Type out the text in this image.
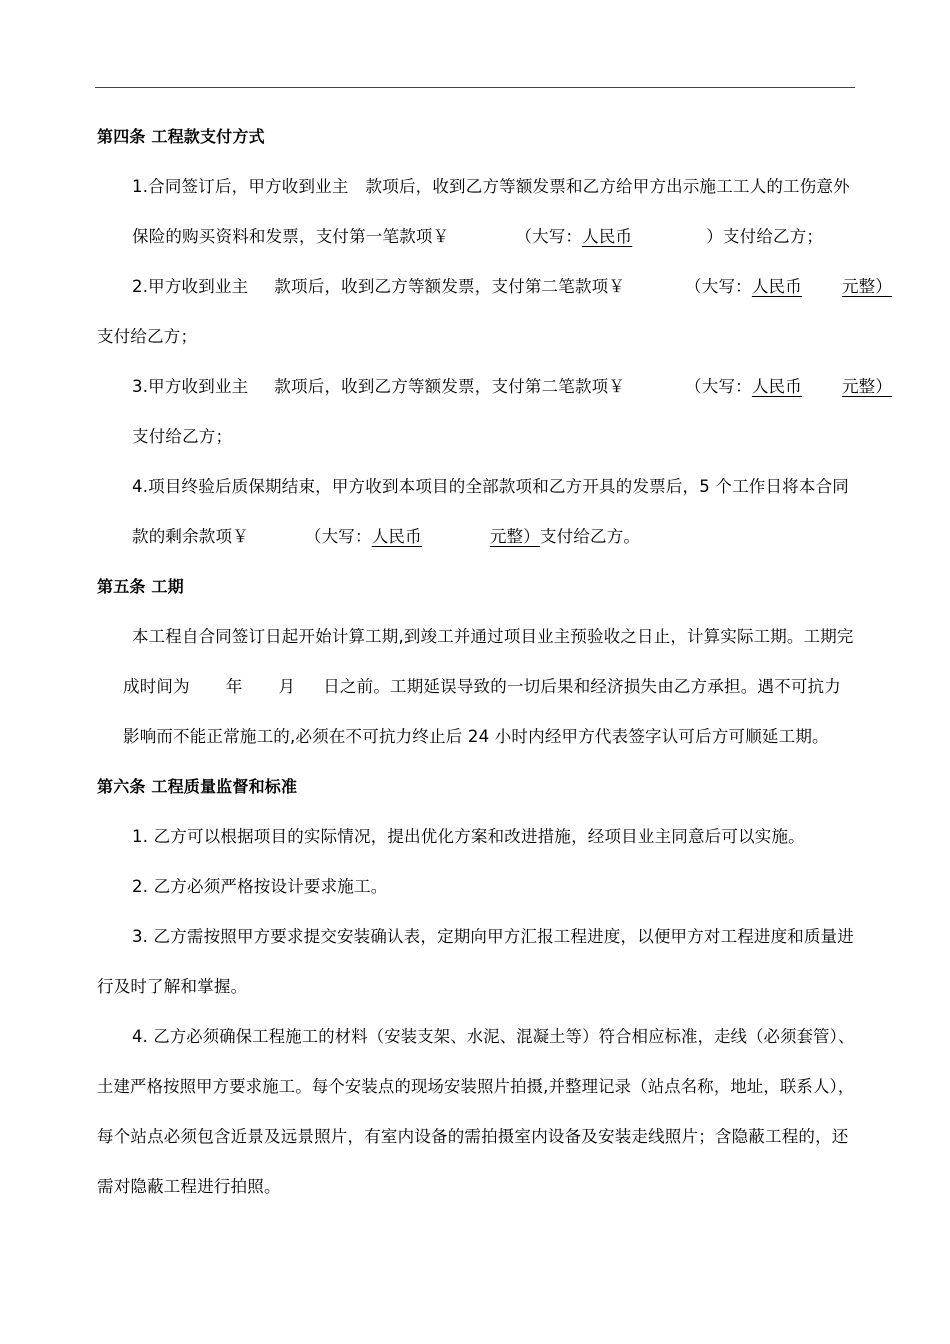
第四条 工程款支付方式
1.合同签订后，甲方收到业主 款项后，收到乙方等额发票和乙方给甲方出示施工工人的工伤意外
保险的购买资料和发票，支付第一笔款项￥	（大写：人民币	）支付给乙方；
2.甲方收到业主 款项后，收到乙方等额发票，支付第二笔款项￥	（大写：人民币 元整）
支付给乙方；
3.甲方收到业主 款项后，收到乙方等额发票，支付第二笔款项￥	（大写：人民币 元整）
支付给乙方；
4.项目终验后质保期结束，甲方收到本项目的全部款项和乙方开具的发票后，5 个工作日将本合同
款的剩余款项￥	（大写：人民币	元整）支付给乙方。
第五条 工期
本工程自合同签订日起开始计算工期,到竣工并通过项目业主预验收之日止，计算实际工期。工期完
成时间为 年 月 日之前。工期延误导致的一切后果和经济损失由乙方承担。遇不可抗力
影响而不能正常施工的,必须在不可抗力终止后 24 小时内经甲方代表签字认可后方可顺延工期。
第六条 工程质量监督和标准
1. 乙方可以根据项目的实际情况，提出优化方案和改进措施，经项目业主同意后可以实施。
2. 乙方必须严格按设计要求施工。
3. 乙方需按照甲方要求提交安装确认表，定期向甲方汇报工程进度，以便甲方对工程进度和质量进
行及时了解和掌握。
4. 乙方必须确保工程施工的材料（安装支架、水泥、混凝土等）符合相应标准，走线（必须套管）、
土建严格按照甲方要求施工。每个安装点的现场安装照片拍摄,并整理记录（站点名称，地址，联系人），
每个站点必须包含近景及远景照片，有室内设备的需拍摄室内设备及安装走线照片；含隐蔽工程的，还
需对隐蔽工程进行拍照。
